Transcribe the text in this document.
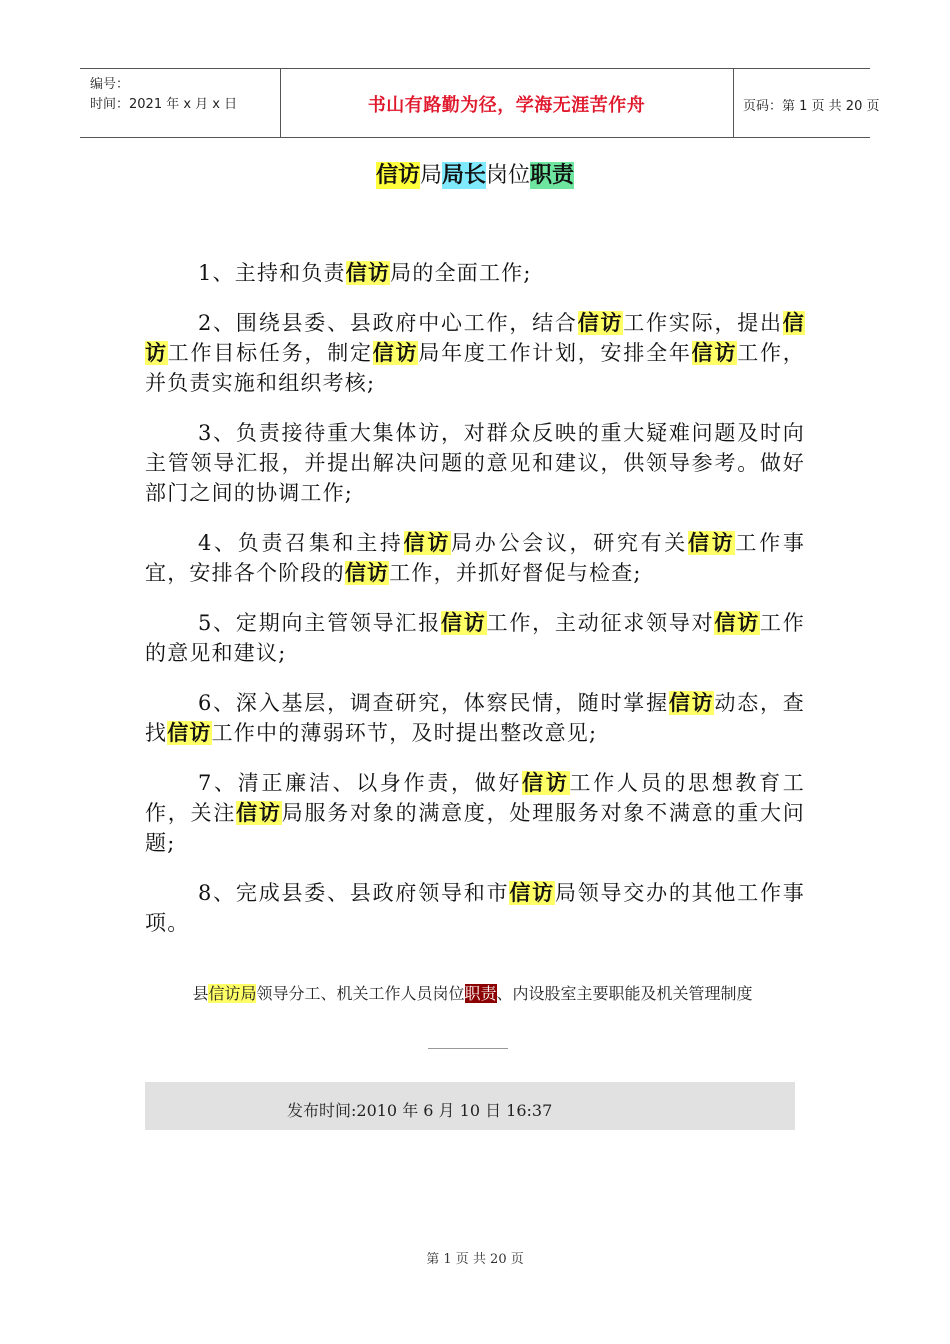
编号：
时间：2021 年 x 月 x 日	书山有路勤为径，学海无涯苦作舟	页码：第 1 页 共 20 页
信访局局长岗位职责

1、主持和负责信访局的全面工作;

2、围绕县委、县政府中心工作，结合信访工作实际，提出信访工作目标任务，制定信访局年度工作计划，安排全年信访工作，并负责实施和组织考核;

3、负责接待重大集体访，对群众反映的重大疑难问题及时向主管领导汇报，并提出解决问题的意见和建议，供领导参考。做好部门之间的协调工作;

4、负责召集和主持信访局办公会议，研究有关信访工作事宜，安排各个阶段的信访工作，并抓好督促与检查;

5、定期向主管领导汇报信访工作，主动征求领导对信访工作的意见和建议;

6、深入基层，调查研究，体察民情，随时掌握信访动态，查找信访工作中的薄弱环节，及时提出整改意见;

7、清正廉洁、以身作责，做好信访工作人员的思想教育工作，关注信访局服务对象的满意度，处理服务对象不满意的重大问题;

8、完成县委、县政府领导和市信访局领导交办的其他工作事项。

县信访局领导分工、机关工作人员岗位职责、内设股室主要职能及机关管理制度
发布时间:2010 年 6 月 10 日 16:37
第 1 页 共 20 页
